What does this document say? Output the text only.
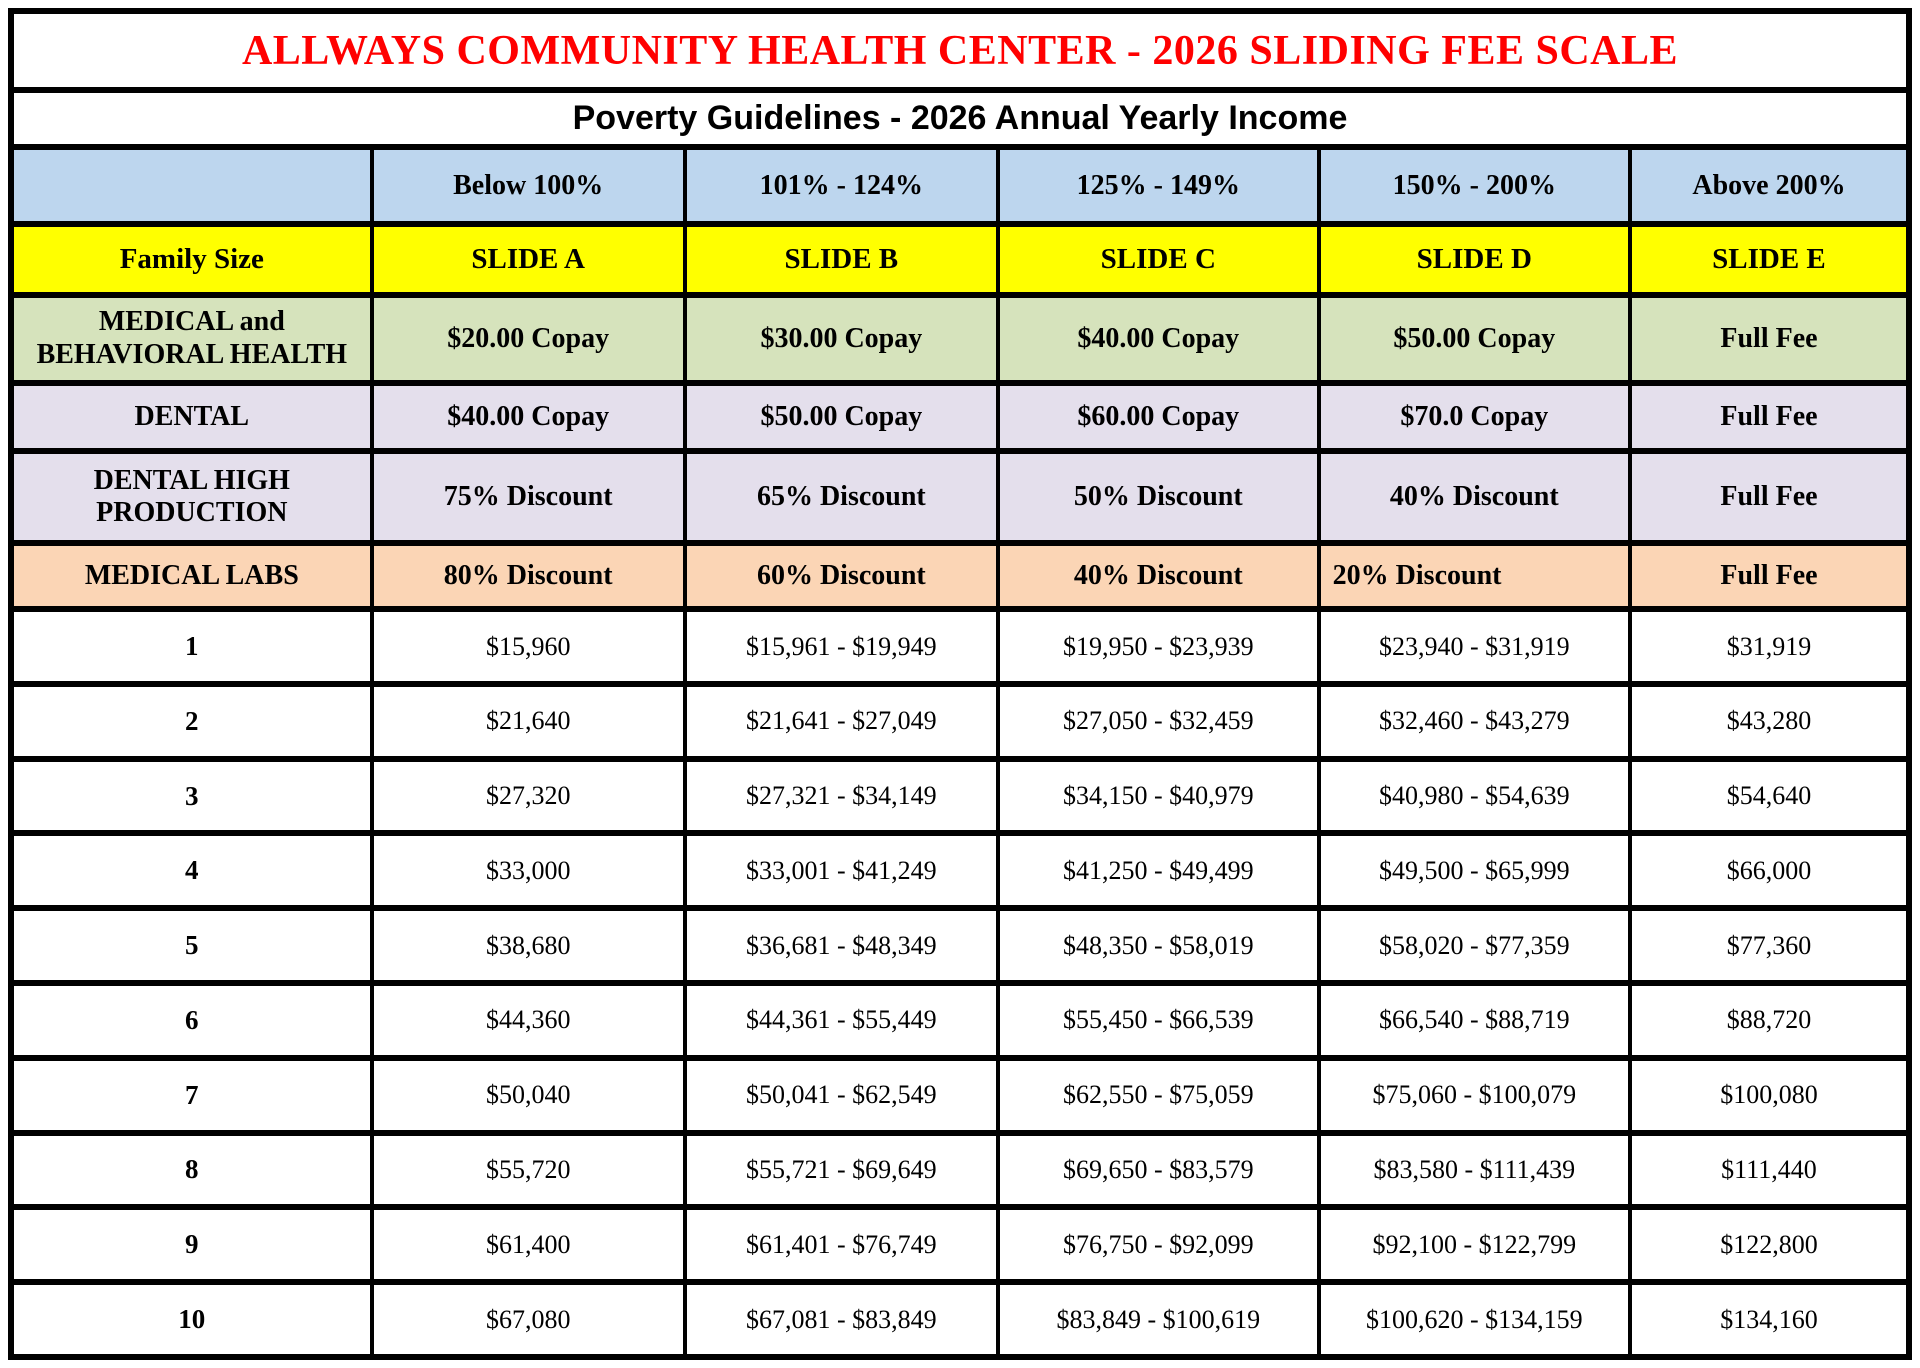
ALLWAYS COMMUNITY HEALTH CENTER - 2026 SLIDING FEE SCALE					
Poverty Guidelines - 2026 Annual Yearly Income					
	Below 100%	101% - 124%	125% - 149%	150% - 200%	Above 200%
Family Size	SLIDE A	SLIDE B	SLIDE C	SLIDE D	SLIDE E
MEDICAL and BEHAVIORAL HEALTH	$20.00 Copay	$30.00 Copay	$40.00 Copay	$50.00 Copay	Full Fee
DENTAL	$40.00 Copay	$50.00 Copay	$60.00 Copay	$70.0 Copay	Full Fee
DENTAL HIGH PRODUCTION	75% Discount	65% Discount	50% Discount	40% Discount	Full Fee
MEDICAL LABS	80% Discount	60% Discount	40% Discount	20% Discount	Full Fee
1	$15,960	$15,961 - $19,949	$19,950 - $23,939	$23,940 - $31,919	$31,919
2	$21,640	$21,641 - $27,049	$27,050 - $32,459	$32,460 - $43,279	$43,280
3	$27,320	$27,321 - $34,149	$34,150 - $40,979	$40,980 - $54,639	$54,640
4	$33,000	$33,001 - $41,249	$41,250 - $49,499	$49,500 - $65,999	$66,000
5	$38,680	$36,681 - $48,349	$48,350 - $58,019	$58,020 - $77,359	$77,360
6	$44,360	$44,361 - $55,449	$55,450 - $66,539	$66,540 - $88,719	$88,720
7	$50,040	$50,041 - $62,549	$62,550 - $75,059	$75,060 - $100,079	$100,080
8	$55,720	$55,721 - $69,649	$69,650 - $83,579	$83,580 - $111,439	$111,440
9	$61,400	$61,401 - $76,749	$76,750 - $92,099	$92,100 - $122,799	$122,800
10	$67,080	$67,081 - $83,849	$83,849 - $100,619	$100,620 - $134,159	$134,160
